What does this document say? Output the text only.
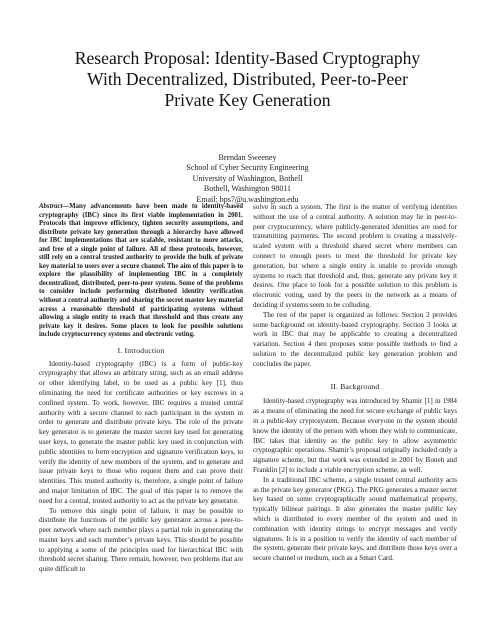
Research Proposal: Identity-Based Cryptography
With Decentralized, Distributed, Peer-to-Peer
Private Key Generation
Brendan Sweeney
School of Cyber Security Engineering
University of Washington, Bothell
Bothell, Washington 98011
Email: bps7@u.washington.edu

Abstract—Many advancements have been made to identity-based cryptography (IBC) since its first viable implementation in 2001. Protocols that improve efficiency, tighten security assumptions, and distribute private key generation through a hierarchy have allowed for IBC implementations that are scalable, resistant to more attacks, and free of a single point of failure. All of these protocols, however, still rely on a central trusted authority to provide the bulk of private key material to users over a secure channel. The aim of this paper is to explore the plausibility of implementing IBC in a completely decentralized, distributed, peer-to-peer system. Some of the problems to consider include performing distributed identity verification without a central authority and sharing the secret master key material across a reasonable threshold of participating systems without allowing a single entity to reach that threshold and thus create any private key it desires. Some places to look for possible solutions include cryptocurrency systems and electronic voting.

I. Introduction

Identity-based cryptography (IBC) is a form of public-key cryptography that allows an arbitrary string, such as an email address or other identifying label, to be used as a public key [1], thus eliminating the need for certificate authorities or key escrows in a confined system. To work, however, IBC requires a trusted central authority with a secure channel to each participant in the system in order to generate and distribute private keys. The role of the private key generator is to generate the master secret key used for generating user keys, to generate the master public key used in conjunction with public identities to form encryption and signature verification keys, to verify the identity of new members of the system, and to generate and issue private keys to those who request them and can prove their identities. This trusted authority is, therefore, a single point of failure and major limitation of IBC. The goal of this paper is to remove the need for a central, trusted authority to act as the private key generator.

To remove this single point of failure, it may be possible to distribute the functions of the public key generator across a peer-to-peer network where each member plays a partial role in generating the master keys and each member’s private keys. This should be possible to applying a some of the principles used for hierarchical IBC with threshold secret sharing. There remain, however, two problems that are quite difficult to

solve in such a system. The first is the matter of verifying identities without the use of a central authority. A solution may lie in peer-to-peer cryptocurrency, where publicly-generated identities are used for transmitting payments. The second problem is creating a massively-scaled system with a threshold shared secret where members can connect to enough peers to meet the threshold for private key generation, but where a single entity is unable to provide enough systems to reach that threshold and, thus, generate any private key it desires. One place to look for a possible solution to this problem is electronic voting, used by the peers in the network as a means of deciding if systems seem to be colluding.

The rest of the paper is organized as follows: Section 2 provides some background on identity-based cryptography. Section 3 looks at work in IBC that may be applicable to creating a decentralized variation. Section 4 then proposes some possible methods to find a solution to the decentralized public key generation problem and concludes the paper.

II. Background

Identity-based cryptography was introduced by Shamir [1] in 1984 as a means of eliminating the need for secure exchange of public keys in a public-key cryptosystem. Because everyone in the system should know the identity of the person with whom they wish to communicate, IBC takes that identity as the public key to allow asymmetric cryptographic operations. Shamir’s proposal originally included only a signature scheme, but that work was extended in 2001 by Boneh and Franklin [2] to include a viable encryption scheme, as well.

In a traditional IBC scheme, a single trusted central authority acts as the private key generator (PKG). The PKG generates a master secret key based on some cryptographically sound mathematical property, typically bilinear pairings. It also generates the master public key which is distributed to every member of the system and used in combination with identity strings to encrypt messages and verify signatures. It is in a position to verify the identity of each member of the system, generate their private keys, and distribute those keys over a secure channel or medium, such as a Smart Card.
